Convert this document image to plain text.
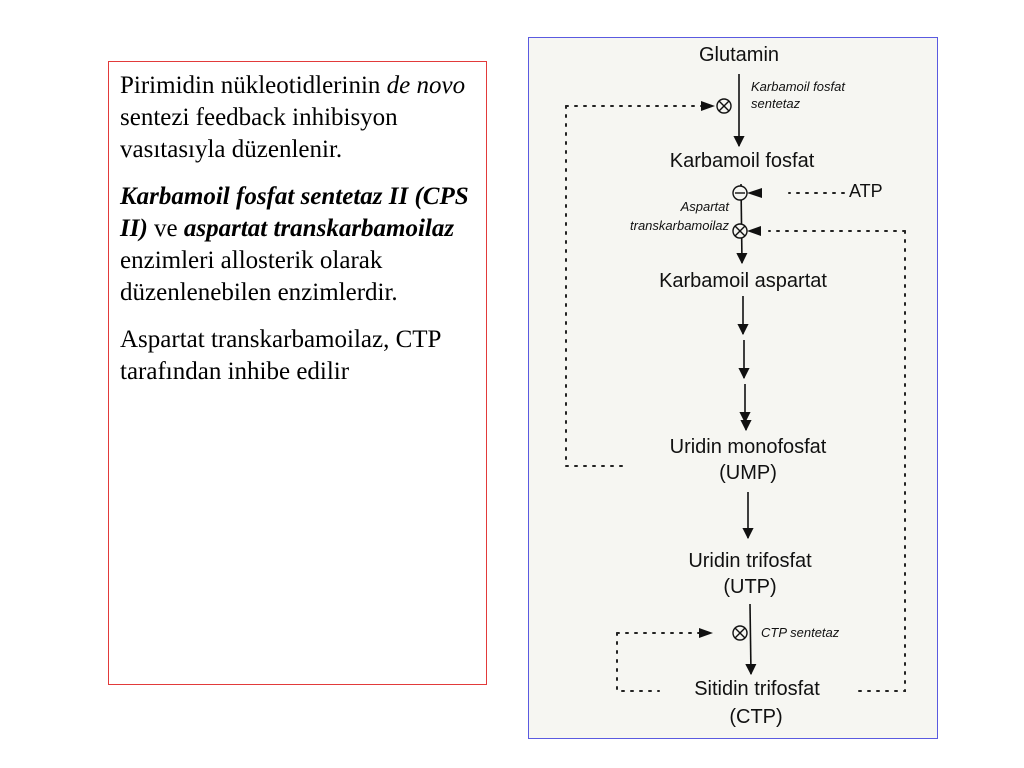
Pirimidin nükleotidlerinin de novo sentezi feedback inhibisyon vasıtasıyla düzenlenir.

Karbamoil fosfat sentetaz II (CPS II) ve aspartat transkarbamoilaz enzimleri allosterik olarak düzenlenebilen enzimlerdir.

Aspartat transkarbamoilaz, CTP tarafından inhibe edilir

Glutamin
Karbamoil fosfat
Karbamoil aspartat
Uridin monofosfat
(UMP)
Uridin trifosfat
(UTP)
Sitidin trifosfat
(CTP)
Karbamoil fosfat
sentetaz
Aspartat
transkarbamoilaz
CTP sentetaz
ATP
